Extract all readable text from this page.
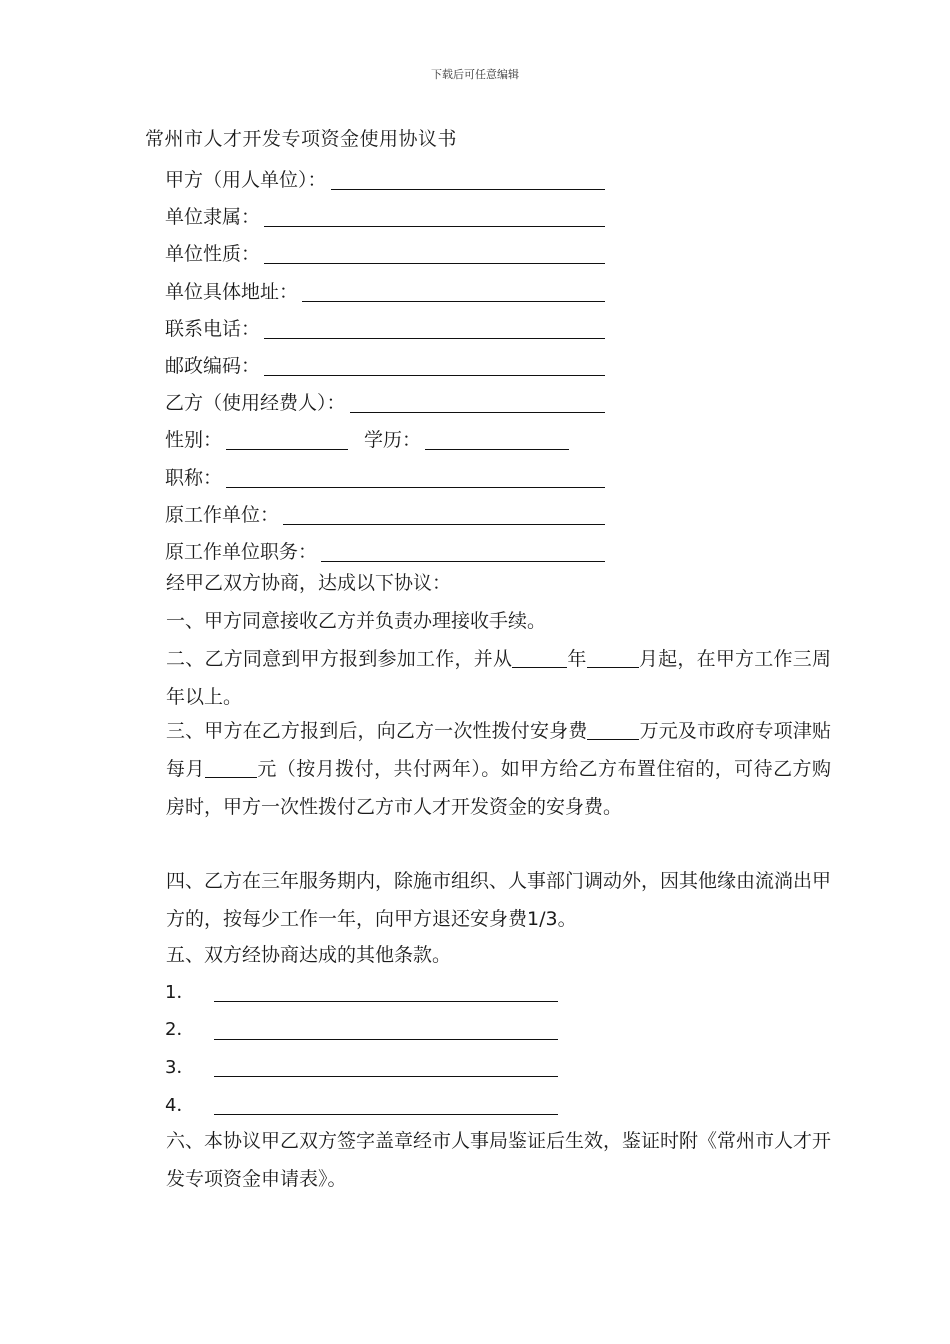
下载后可任意编辑
常州市人才开发专项资金使用协议书
甲方（用人单位）：
单位隶属：
单位性质：
单位具体地址：
联系电话：
邮政编码：
乙方（使用经费人）：
性别：	学历：
职称：
原工作单位：
原工作单位职务：
经甲乙双方协商，达成以下协议：
一、甲方同意接收乙方并负责办理接收手续。
二、乙方同意到甲方报到参加工作，并从	年	月起，在甲方工作三周年以上。
三、甲方在乙方报到后，向乙方一次性拨付安身费	万元及市政府专项津贴每月	元（按月拨付，共付两年）。如甲方给乙方布置住宿的，可待乙方购房时，甲方一次性拨付乙方市人才开发资金的安身费。
四、乙方在三年服务期内，除施市组织、人事部门调动外，因其他缘由流淌出甲方的，按每少工作一年，向甲方退还安身费1/3。
五、双方经协商达成的其他条款。
1．
2．
3．
4．
六、本协议甲乙双方签字盖章经市人事局鉴证后生效，鉴证时附《常州市人才开发专项资金申请表》。
